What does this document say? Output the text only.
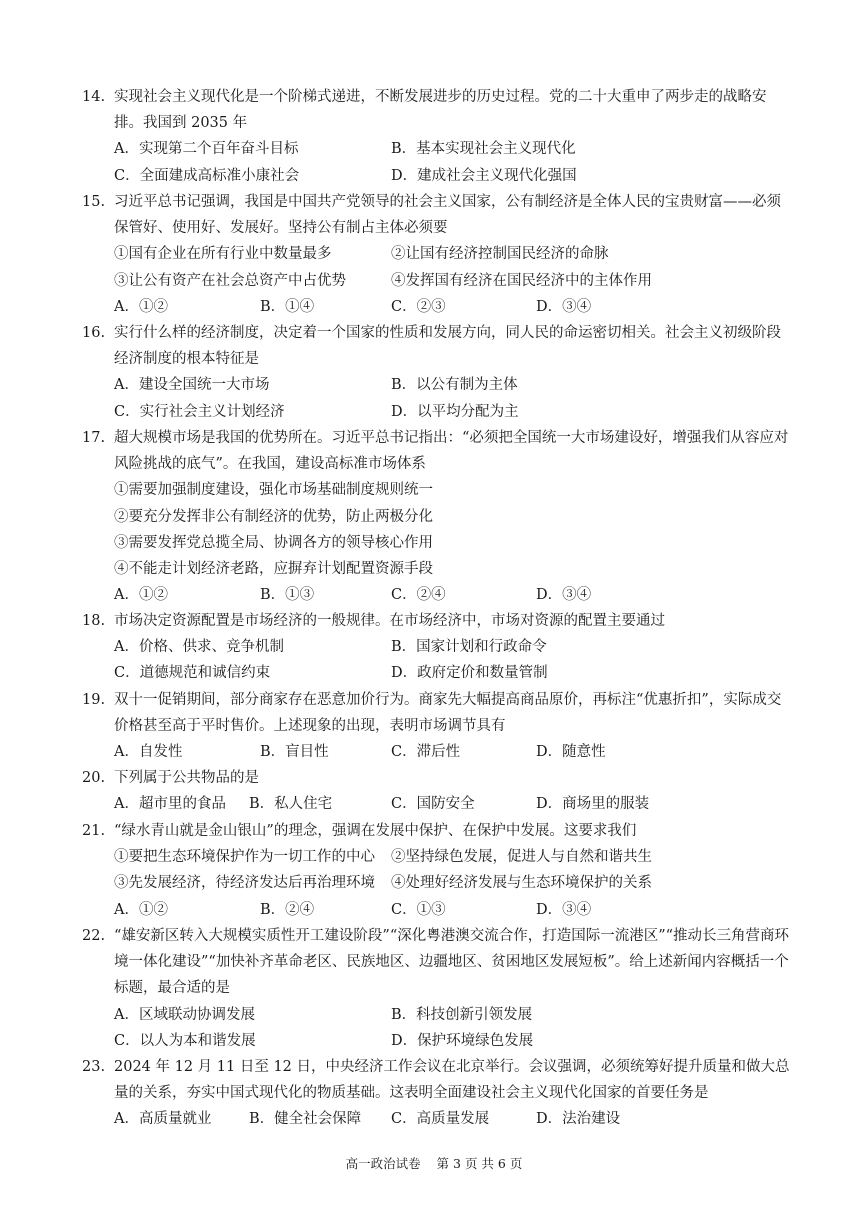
14. 实现社会主义现代化是一个阶梯式递进，不断发展进步的历史过程。党的二十大重申了两步走的战略安排。我国到 2035 年
A．实现第二个百年奋斗目标	B．基本实现社会主义现代化
C．全面建成高标准小康社会	D．建成社会主义现代化强国
15. 习近平总书记强调，我国是中国共产党领导的社会主义国家，公有制经济是全体人民的宝贵财富——必须保管好、使用好、发展好。坚持公有制占主体必须要
①国有企业在所有行业中数量最多	②让国有经济控制国民经济的命脉
③让公有资产在社会总资产中占优势	④发挥国有经济在国民经济中的主体作用
A．①②	B．①④	C．②③	D．③④
16. 实行什么样的经济制度，决定着一个国家的性质和发展方向，同人民的命运密切相关。社会主义初级阶段经济制度的根本特征是
A．建设全国统一大市场	B．以公有制为主体
C．实行社会主义计划经济	D．以平均分配为主
17. 超大规模市场是我国的优势所在。习近平总书记指出：“必须把全国统一大市场建设好，增强我们从容应对风险挑战的底气”。在我国，建设高标准市场体系
①需要加强制度建设，强化市场基础制度规则统一
②要充分发挥非公有制经济的优势，防止两极分化
③需要发挥党总揽全局、协调各方的领导核心作用
④不能走计划经济老路，应摒弃计划配置资源手段
A．①②	B．①③	C．②④	D．③④
18. 市场决定资源配置是市场经济的一般规律。在市场经济中，市场对资源的配置主要通过
A．价格、供求、竞争机制	B．国家计划和行政命令
C．道德规范和诚信约束	D．政府定价和数量管制
19. 双十一促销期间，部分商家存在恶意加价行为。商家先大幅提高商品原价，再标注“优惠折扣”，实际成交价格甚至高于平时售价。上述现象的出现，表明市场调节具有
A．自发性	B．盲目性	C．滞后性	D．随意性
20. 下列属于公共物品的是
A．超市里的食品 B．私人住宅	C．国防安全	D．商场里的服装
21. “绿水青山就是金山银山”的理念，强调在发展中保护、在保护中发展。这要求我们
①要把生态环境保护作为一切工作的中心 ②坚持绿色发展，促进人与自然和谐共生
③先发展经济，待经济发达后再治理环境 ④处理好经济发展与生态环境保护的关系
A．①②	B．②④	C．①③	D．③④
22. “雄安新区转入大规模实质性开工建设阶段”“深化粤港澳交流合作，打造国际一流港区”“推动长三角营商环境一体化建设”“加快补齐革命老区、民族地区、边疆地区、贫困地区发展短板”。给上述新闻内容概括一个标题，最合适的是
A．区域联动协调发展	B．科技创新引领发展
C．以人为本和谐发展	D．保护环境绿色发展
23. 2024 年 12 月 11 日至 12 日，中央经济工作会议在北京举行。会议强调，必须统筹好提升质量和做大总量的关系，夯实中国式现代化的物质基础。这表明全面建设社会主义现代化国家的首要任务是
A．高质量就业	B．健全社会保障 C．高质量发展	D．法治建设
高一政治试卷    第 3 页 共 6 页
